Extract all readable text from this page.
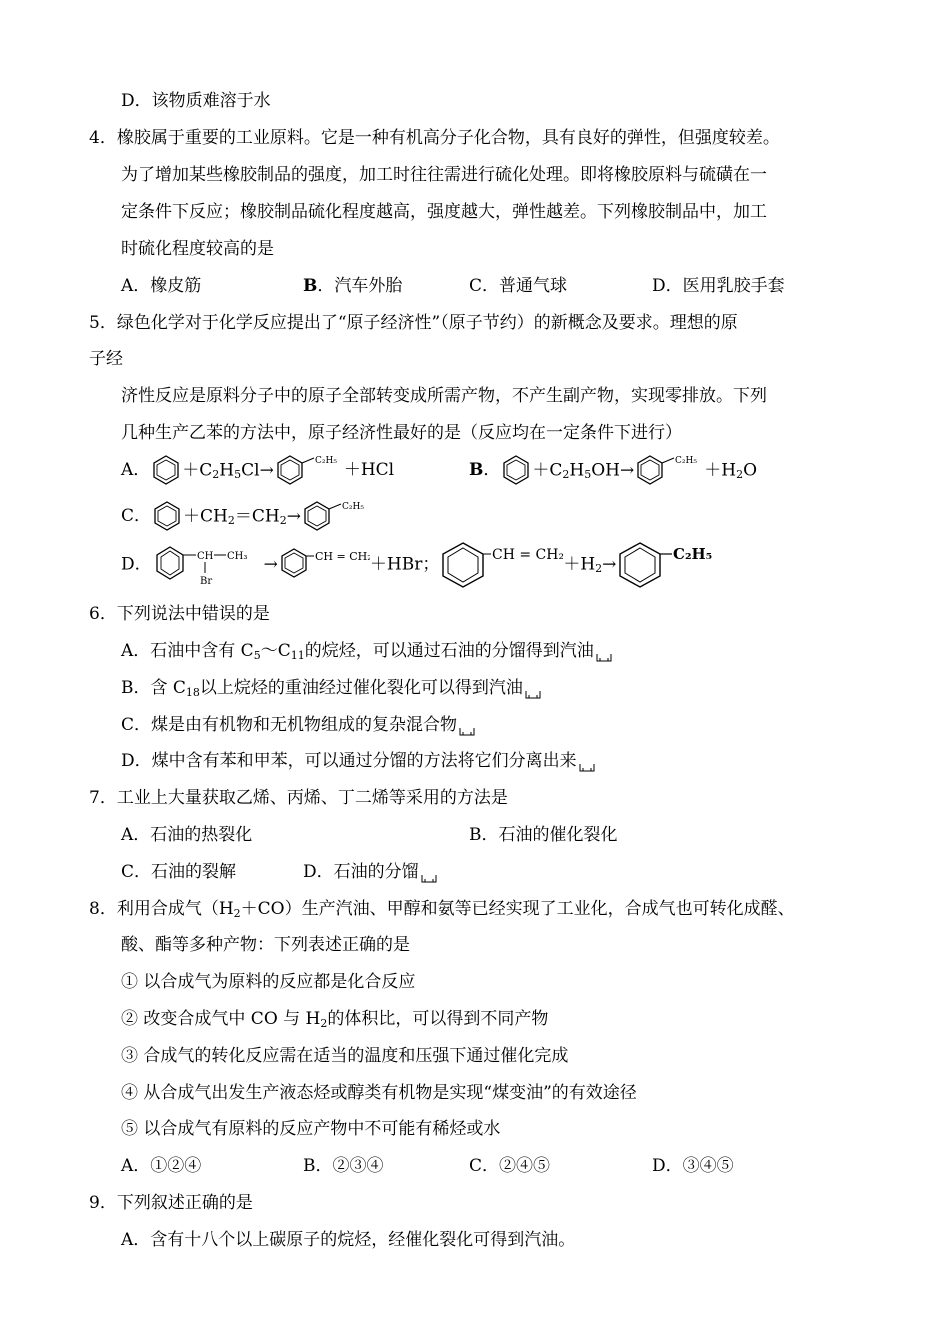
D．该物质难溶于水
4．橡胶属于重要的工业原料。它是一种有机高分子化合物，具有良好的弹性，但强度较差。
为了增加某些橡胶制品的强度，加工时往往需进行硫化处理。即将橡胶原料与硫磺在一
定条件下反应；橡胶制品硫化程度越高，强度越大，弹性越差。下列橡胶制品中，加工
时硫化程度较高的是
A．橡皮筋	B．汽车外胎	C．普通气球	D．医用乳胶手套
5．绿色化学对于化学反应提出了“原子经济性”（原子节约）的新概念及要求。理想的原
子经
济性反应是原料分子中的原子全部转变成所需产物，不产生副产物，实现零排放。下列
几种生产乙苯的方法中，原子经济性最好的是（反应均在一定条件下进行）
A． $+C_2H_5Cl\to$	C₂H₅ ＋HCl	B． $+C_2H_5OH\to$	$C_2H_5 +H_2O$
C． $+CH_2=CH_2\to$	C₂H₅
D．	CH CH₃
Br
→	CH = CH₂
＋HBr；	CH = CH₂
$+H_2\to$
C₂H₅
6．下列说法中错误的是
A．石油中含有 $C_5\sim C_{11}$的烷烃，可以通过石油的分馏得到汽油
B．含 $C_{18}$以上烷烃的重油经过催化裂化可以得到汽油
C．煤是由有机物和无机物组成的复杂混合物
D．煤中含有苯和甲苯，可以通过分馏的方法将它们分离出来
7．工业上大量获取乙烯、丙烯、丁二烯等采用的方法是
A．石油的热裂化	B．石油的催化裂化
C．石油的裂解	D．石油的分馏
8．利用合成气$(H_2+CO)$生产汽油、甲醇和氨等已经实现了工业化，合成气也可转化成醛、
酸、酯等多种产物：下列表述正确的是
① 以合成气为原料的反应都是化合反应
② 改变合成气中 CO 与 $H_2$的体积比，可以得到不同产物
③ 合成气的转化反应需在适当的温度和压强下通过催化完成
④ 从合成气出发生产液态烃或醇类有机物是实现“煤变油”的有效途径
⑤ 以合成气有原料的反应产物中不可能有稀烃或水
A．①②④	B．②③④	C．②④⑤	D．③④⑤
9．下列叙述正确的是
A．含有十八个以上碳原子的烷烃，经催化裂化可得到汽油。
